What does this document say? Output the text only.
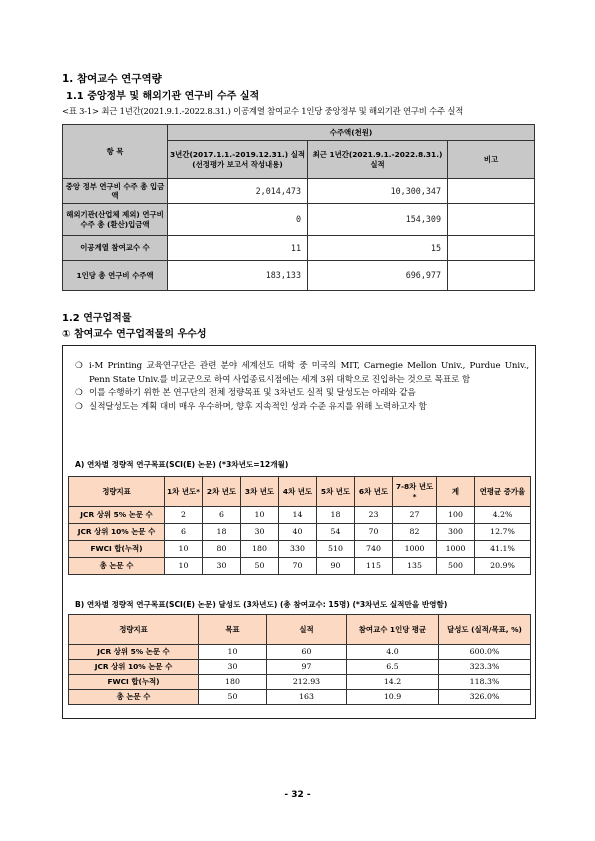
1. 참여교수 연구역량
1.1 중앙정부 및 해외기관 연구비 수주 실적
<표 3-1> 최근 1년간(2021.9.1.-2022.8.31.) 이공계열 참여교수 1인당 중앙정부 및 해외기관 연구비 수주 실적
항 목	수주액(천원)		
	3년간(2017.1.1.-2019.12.31.) 실적 (선정평가 보고서 작성내용)	최근 1년간(2021.9.1.-2022.8.31.) 실적	비고
중앙 정부 연구비 수주 총 입금액	2,014,473	10,300,347	
해외기관(산업체 제외) 연구비 수주 총 (환산)입금액	0	154,309	
이공계열 참여교수 수	11	15	
1인당 총 연구비 수주액	183,133	696,977	
1.2 연구업적물
① 참여교수 연구업적물의 우수성
❍ i-M Printing 교육연구단은 관련 분야 세계선도 대학 중 미국의 MIT, Carnegie Mellon Univ., Purdue Univ., Penn State Univ.를 비교군으로 하여 사업종료시점에는 세계 3위 대학으로 진입하는 것으로 목표로 함
❍ 이를 수행하기 위한 본 연구단의 전체 정량목표 및 3차년도 실적 및 달성도는 아래와 같음
❍ 실적달성도는 계획 대비 매우 우수하며, 향후 지속적인 성과 수준 유지를 위해 노력하고자 함
A) 연차별 정량적 연구목표(SCI(E) 논문) (*3차년도=12개월)
정량지표	1차 년도*	2차 년도	3차 년도	4차 년도	5차 년도	6차 년도	7-8차 년도*	계	연평균 증가율
JCR 상위 5% 논문 수	2	6	10	14	18	23	27	100	4.2%
JCR 상위 10% 논문 수	6	18	30	40	54	70	82	300	12.7%
FWCI 합(누적)	10	80	180	330	510	740	1000	1000	41.1%
총 논문 수	10	30	50	70	90	115	135	500	20.9%
B) 연차별 정량적 연구목표(SCI(E) 논문) 달성도 (3차년도) (총 참여교수: 15명) (*3차년도 실적만을 반영함)
정량지표	목표	실적	참여교수 1인당 평균	달성도 (실적/목표, %)
JCR 상위 5% 논문 수	10	60	4.0	600.0%
JCR 상위 10% 논문 수	30	97	6.5	323.3%
FWCI 합(누적)	180	212.93	14.2	118.3%
총 논문 수	50	163	10.9	326.0%
- 32 -
